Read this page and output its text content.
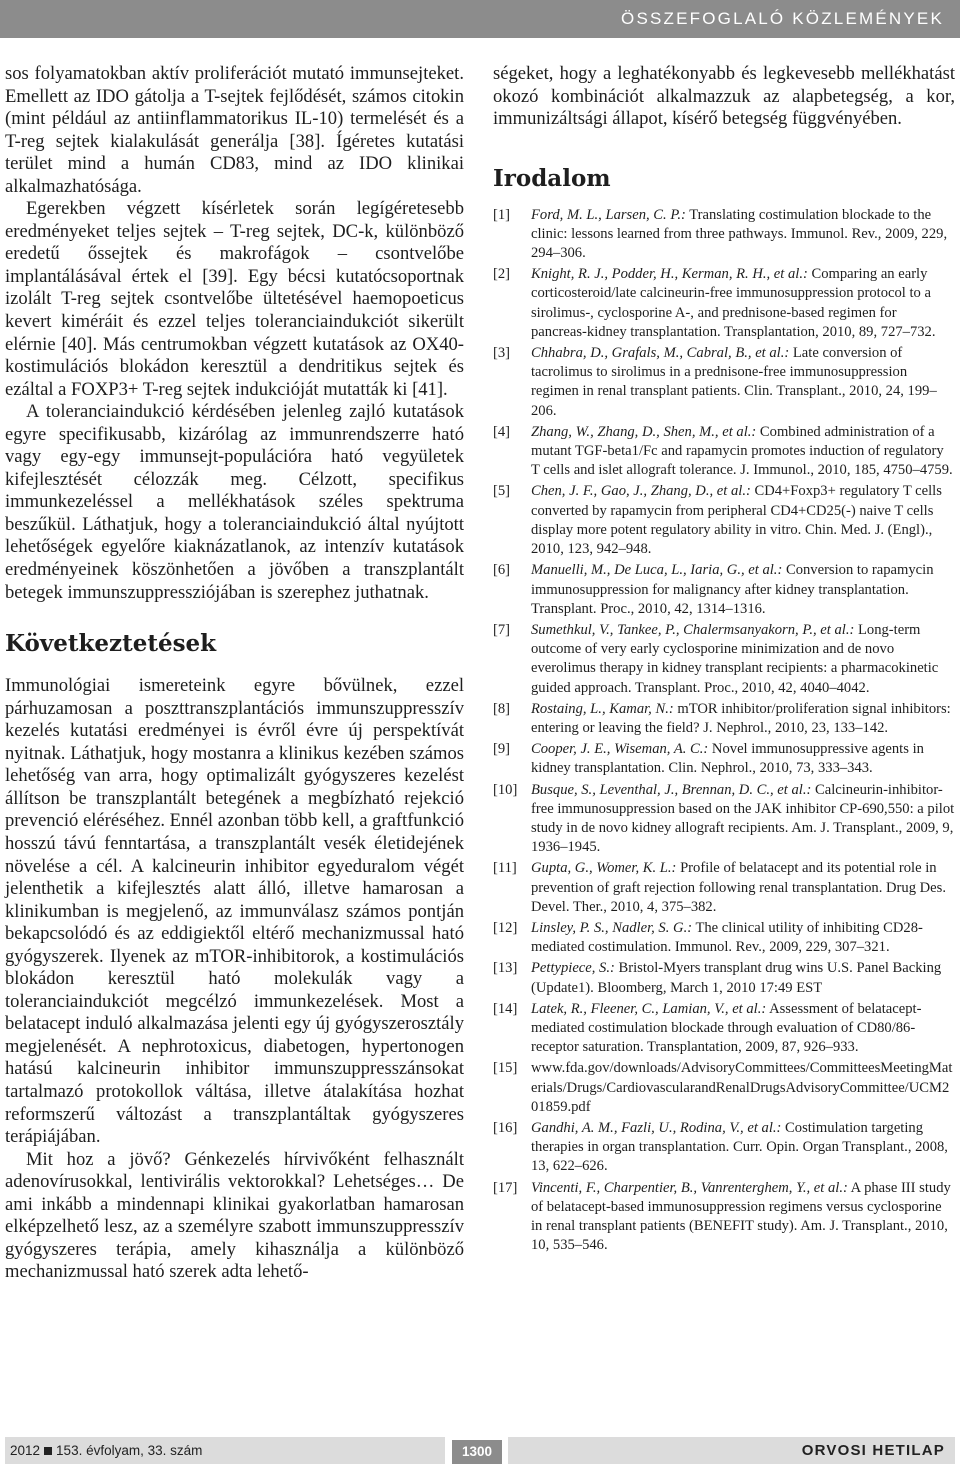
ÖSSZEFOGLALÓ KÖZLEMÉNYEK

sos folyamatokban aktív proliferációt mutató immunsejteket. Emellett az IDO gátolja a T-sejtek fejlődését, számos citokin (mint például az antiinflammatorikus IL-10) termelését és a T-reg sejtek kialakulását generálja [38]. Ígéretes kutatási terület mind a humán CD83, mind az IDO klinikai alkalmazhatósága.

Egerekben végzett kísérletek során legígéretesebb eredményeket teljes sejtek – T-reg sejtek, DC-k, különböző eredetű őssejtek és makrofágok – csontvelőbe implantálásával értek el [39]. Egy bécsi kutatócsoportnak izolált T-reg sejtek csontvelőbe ültetésével haemopoeticus kevert kiméráit és ezzel teljes toleranciaindukciót sikerült elérnie [40]. Más centrumokban végzett kutatások az OX40-kostimulációs blokádon keresztül a dendritikus sejtek és ezáltal a FOXP3+ T-reg sejtek indukcióját mutatták ki [41].

A toleranciaindukció kérdésében jelenleg zajló kutatások egyre specifikusabb, kizárólag az immunrendszerre ható vagy egy-egy immunsejt-populációra ható vegyületek kifejlesztését célozzák meg. Célzott, specifikus immunkezeléssel a mellékhatások széles spektruma beszűkül. Láthatjuk, hogy a toleranciaindukció által nyújtott lehetőségek egyelőre kiaknázatlanok, az intenzív kutatások eredményeinek köszönhetően a jövőben a transzplantált betegek immunszuppressziójában is szerephez juthatnak.

Következtetések

Immunológiai ismereteink egyre bővülnek, ezzel párhuzamosan a poszttranszplantációs immunszuppresszív kezelés kutatási eredményei is évről évre új perspektívát nyitnak. Láthatjuk, hogy mostanra a klinikus kezében számos lehetőség van arra, hogy optimalizált gyógyszeres kezelést állítson be transzplantált betegének a megbízható rejekció prevenció eléréséhez. Ennél azonban több kell, a graftfunkció hosszú távú fenntartása, a transzplantált vesék életidejének növelése a cél. A kalcineurin inhibitor egyeduralom végét jelenthetik a kifejlesztés alatt álló, illetve hamarosan a klinikumban is megjelenő, az immunválasz számos pontján bekapcsolódó és az eddigiektől eltérő mechanizmussal ható gyógyszerek. Ilyenek az mTOR-inhibitorok, a kostimulációs blokádon keresztül ható molekulák vagy a toleranciaindukciót megcélzó immunkezelések. Most a belatacept induló alkalmazása jelenti egy új gyógyszerosztály megjelenését. A nephrotoxicus, diabetogen, hypertonogen hatású kalcineurin inhibitor immunszuppresszánsokat tartalmazó protokollok váltása, illetve átalakítása hozhat reformszerű változást a transzplantáltak gyógyszeres terápiájában.

Mit hoz a jövő? Génkezelés hírvivőként felhasznált adenovírusokkal, lentivirális vektorokkal? Lehetséges… De ami inkább a mindennapi klinikai gyakorlatban hamarosan elképzelhető lesz, az a személyre szabott immunszuppresszív gyógyszeres terápia, amely kihasználja a különböző mechanizmussal ható szerek adta lehető-

ségeket, hogy a leghatékonyabb és legkevesebb mellékhatást okozó kombinációt alkalmazzuk az alapbetegség, a kor, immunizáltsági állapot, kísérő betegség függvényében.

Irodalom
[1] Ford, M. L., Larsen, C. P.: Translating costimulation blockade to the clinic: lessons learned from three pathways. Immunol. Rev., 2009, 229, 294–306.
[2] Knight, R. J., Podder, H., Kerman, R. H., et al.: Comparing an early corticosteroid/late calcineurin-free immunosuppression protocol to a sirolimus-, cyclosporine A-, and prednisone-based regimen for pancreas-kidney transplantation. Transplantation, 2010, 89, 727–732.
[3] Chhabra, D., Grafals, M., Cabral, B., et al.: Late conversion of tacrolimus to sirolimus in a prednisone-free immunosuppression regimen in renal transplant patients. Clin. Transplant., 2010, 24, 199–206.
[4] Zhang, W., Zhang, D., Shen, M., et al.: Combined administration of a mutant TGF-beta1/Fc and rapamycin promotes induction of regulatory T cells and islet allograft tolerance. J. Immunol., 2010, 185, 4750–4759.
[5] Chen, J. F., Gao, J., Zhang, D., et al.: CD4+Foxp3+ regulatory T cells converted by rapamycin from peripheral CD4+CD25(-) naive T cells display more potent regulatory ability in vitro. Chin. Med. J. (Engl)., 2010, 123, 942–948.
[6] Manuelli, M., De Luca, L., Iaria, G., et al.: Conversion to rapamycin immunosuppression for malignancy after kidney transplantation. Transplant. Proc., 2010, 42, 1314–1316.
[7] Sumethkul, V., Tankee, P., Chalermsanyakorn, P., et al.: Long-term outcome of very early cyclosporine minimization and de novo everolimus therapy in kidney transplant recipients: a pharmacokinetic guided approach. Transplant. Proc., 2010, 42, 4040–4042.
[8] Rostaing, L., Kamar, N.: mTOR inhibitor/proliferation signal inhibitors: entering or leaving the field? J. Nephrol., 2010, 23, 133–142.
[9] Cooper, J. E., Wiseman, A. C.: Novel immunosuppressive agents in kidney transplantation. Clin. Nephrol., 2010, 73, 333–343.
[10] Busque, S., Leventhal, J., Brennan, D. C., et al.: Calcineurin-inhibitor-free immunosuppression based on the JAK inhibitor CP-690,550: a pilot study in de novo kidney allograft recipients. Am. J. Transplant., 2009, 9, 1936–1945.
[11] Gupta, G., Womer, K. L.: Profile of belatacept and its potential role in prevention of graft rejection following renal transplantation. Drug Des. Devel. Ther., 2010, 4, 375–382.
[12] Linsley, P. S., Nadler, S. G.: The clinical utility of inhibiting CD28-mediated costimulation. Immunol. Rev., 2009, 229, 307–321.
[13] Pettypiece, S.: Bristol-Myers transplant drug wins U.S. Panel Backing (Update1). Bloomberg, March 1, 2010 17:49 EST
[14] Latek, R., Fleener, C., Lamian, V., et al.: Assessment of belatacept-mediated costimulation blockade through evaluation of CD80/86-receptor saturation. Transplantation, 2009, 87, 926–933.
[15] www.fda.gov/downloads/AdvisoryCommittees/CommitteesMeetingMaterials/Drugs/CardiovascularandRenalDrugsAdvisoryCommittee/UCM201859.pdf
[16] Gandhi, A. M., Fazli, U., Rodina, V., et al.: Costimulation targeting therapies in organ transplantation. Curr. Opin. Organ Transplant., 2008, 13, 622–626.
[17] Vincenti, F., Charpentier, B., Vanrenterghem, Y., et al.: A phase III study of belatacept-based immunosuppression regimens versus cyclosporine in renal transplant patients (BENEFIT study). Am. J. Transplant., 2010, 10, 535–546.
2012 153. évfolyam, 33. szám	1300	ORVOSI HETILAP
